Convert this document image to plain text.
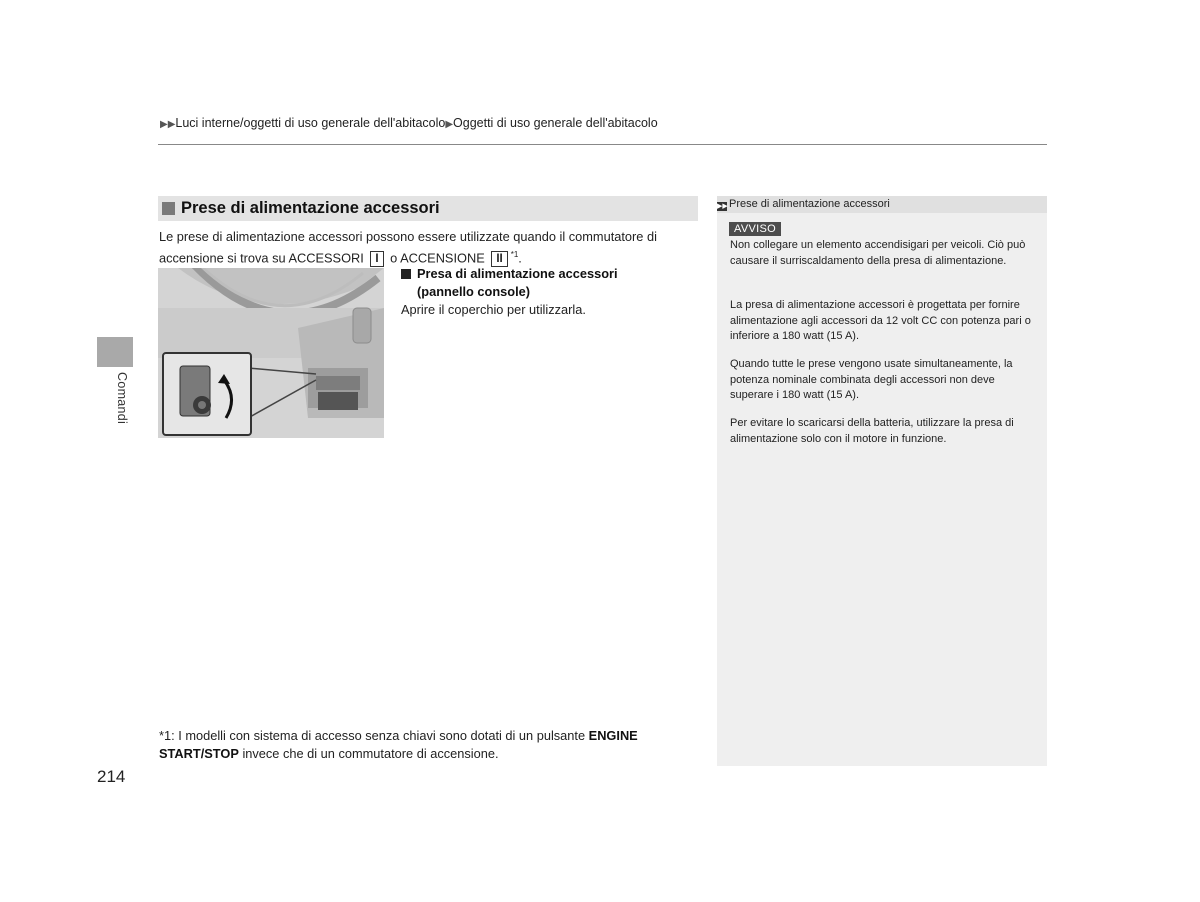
▶▶Luci interne/oggetti di uso generale dell'abitacolo▶Oggetti di uso generale dell'abitacolo
Comandi
Prese di alimentazione accessori
Le prese di alimentazione accessori possono essere utilizzate quando il commutatore di accensione si trova su ACCESSORI I o ACCENSIONE II $^{*1}$.
Presa di alimentazione accessori
(pannello console)
Aprire il coperchio per utilizzarla.
*1: I modelli con sistema di accesso senza chiavi sono dotati di un pulsante ENGINE START/STOP invece che di un commutatore di accensione.
214
▶▶Prese di alimentazione accessori
AVVISO
Non collegare un elemento accendisigari per veicoli. Ciò può causare il surriscaldamento della presa di alimentazione.
La presa di alimentazione accessori è progettata per fornire alimentazione agli accessori da 12 volt CC con potenza pari o inferiore a 180 watt (15 A).
Quando tutte le prese vengono usate simultaneamente, la potenza nominale combinata degli accessori non deve superare i 180 watt (15 A).
Per evitare lo scaricarsi della batteria, utilizzare la presa di alimentazione solo con il motore in funzione.
